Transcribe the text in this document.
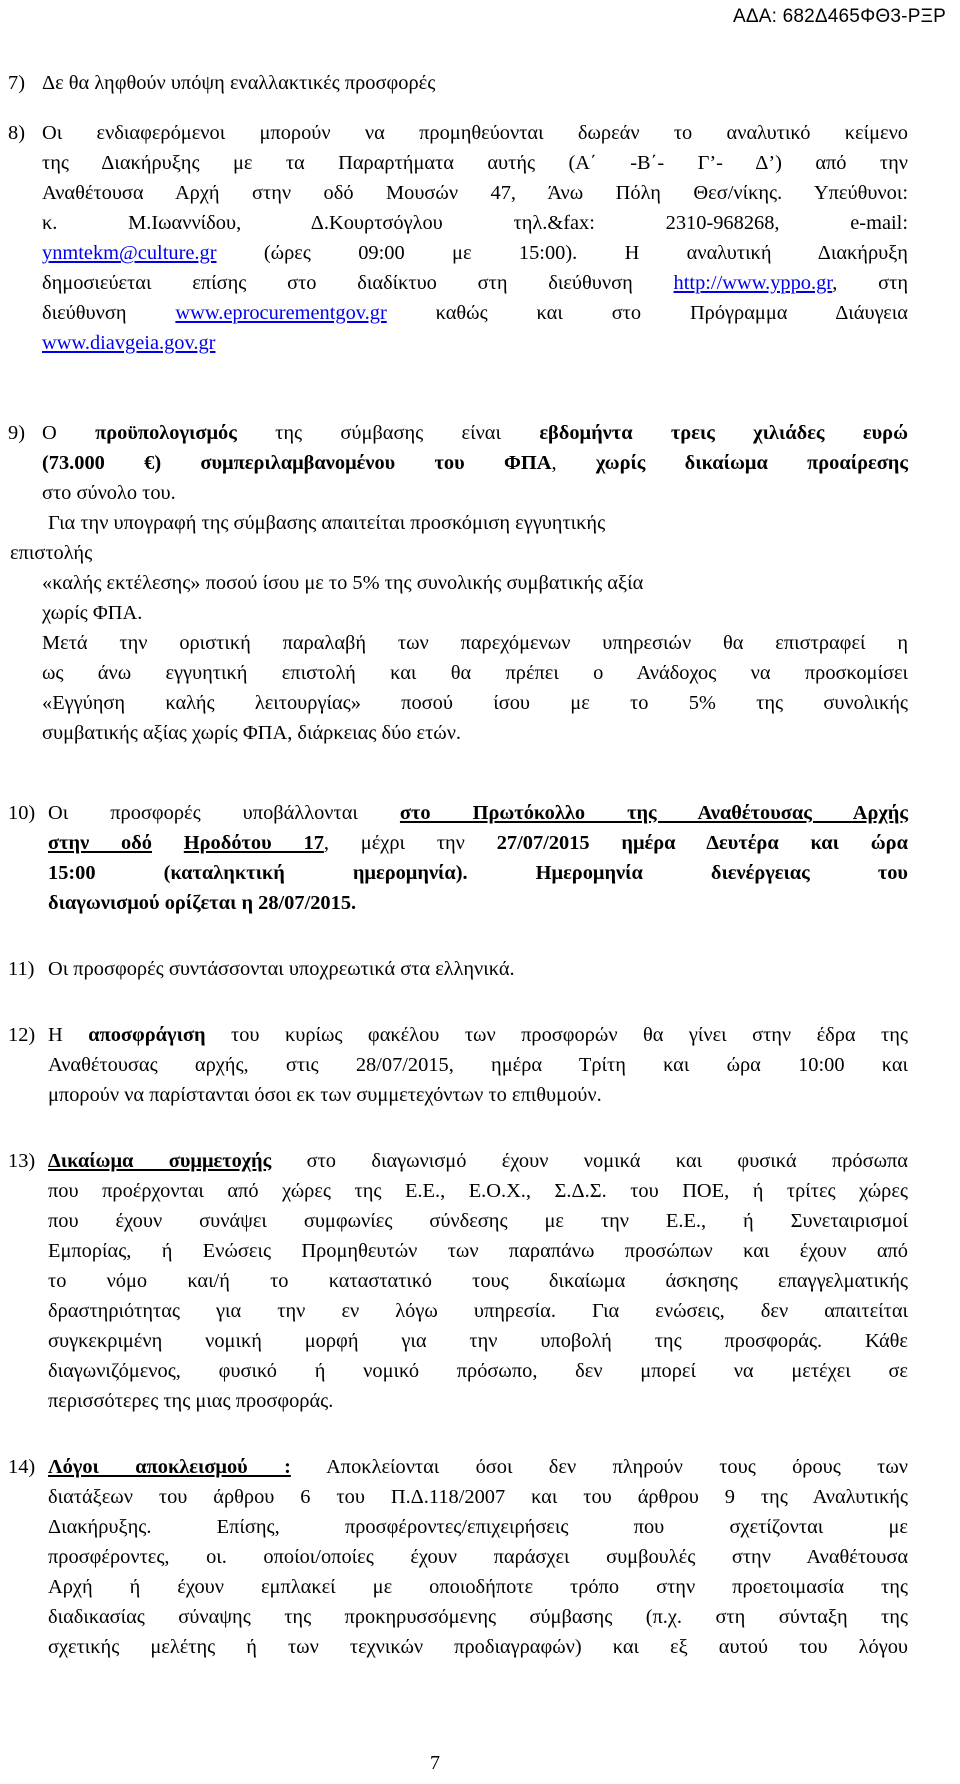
ΑΔΑ: 682Δ465ΦΘ3-ΡΞΡ
7) Δε θα ληφθούν υπόψη εναλλακτικές προσφορές
8) Οι ενδιαφερόμενοι μπορούν να προμηθεύονται δωρεάν το αναλυτικό κείμενο
της Διακήρυξης με τα Παραρτήματα αυτής (Α΄ -Β΄- Γ’- Δ’) από την
Αναθέτουσα Αρχή στην οδό Μουσών 47, Άνω Πόλη Θεσ/νίκης. Υπεύθυνοι:
κ. Μ.Ιωαννίδου, Δ.Κουρτσόγλου τηλ.&fax: 2310-968268, e-mail:
ynmtekm@culture.gr (ώρες 09:00 με 15:00). Η αναλυτική Διακήρυξη
δημοσιεύεται επίσης στο διαδίκτυο στη διεύθυνση http://www.yppo.gr, στη
διεύθυνση www.eprocurementgov.gr καθώς και στο Πρόγραμμα Διάυγεια
www.diavgeia.gov.gr
9) Ο προϋπολογισμός της σύμβασης είναι εβδομήντα τρεις χιλιάδες ευρώ
(73.000 €) συμπεριλαμβανομένου του ΦΠΑ, χωρίς δικαίωμα προαίρεσης
στο σύνολο του.
Για την υπογραφή της σύμβασης απαιτείται προσκόμιση εγγυητικής
επιστολής
«καλής εκτέλεσης» ποσού ίσου με το 5% της συνολικής συμβατικής αξία
χωρίς ΦΠΑ.
Μετά την οριστική παραλαβή των παρεχόμενων υπηρεσιών θα επιστραφεί η
ως άνω εγγυητική επιστολή και θα πρέπει ο Ανάδοχος να προσκομίσει
«Εγγύηση καλής λειτουργίας» ποσού ίσου με το 5% της συνολικής
συμβατικής αξίας χωρίς ΦΠΑ, διάρκειας δύο ετών.
10) Οι προσφορές υποβάλλονται στο Πρωτόκολλο της Αναθέτουσας Αρχής
στην οδό Ηροδότου 17, μέχρι την 27/07/2015 ημέρα Δευτέρα και ώρα
15:00 (καταληκτική ημερομηνία). Ημερομηνία διενέργειας του
διαγωνισμού ορίζεται η 28/07/2015.
11) Οι προσφορές συντάσσονται υποχρεωτικά στα ελληνικά.
12) Η αποσφράγιση του κυρίως φακέλου των προσφορών θα γίνει στην έδρα της
Αναθέτουσας αρχής, στις 28/07/2015, ημέρα Τρίτη και ώρα 10:00 και
μπορούν να παρίστανται όσοι εκ των συμμετεχόντων το επιθυμούν.
13) Δικαίωμα συμμετοχής στο διαγωνισμό έχουν νομικά και φυσικά πρόσωπα
που προέρχονται από χώρες της Ε.Ε., Ε.Ο.Χ., Σ.Δ.Σ. του ΠΟΕ, ή τρίτες χώρες
που έχουν συνάψει συμφωνίες σύνδεσης με την Ε.Ε., ή Συνεταιρισμοί
Εμπορίας, ή Ενώσεις Προμηθευτών των παραπάνω προσώπων και έχουν από
το νόμο και/ή το καταστατικό τους δικαίωμα άσκησης επαγγελματικής
δραστηριότητας για την εν λόγω υπηρεσία. Για ενώσεις, δεν απαιτείται
συγκεκριμένη νομική μορφή για την υποβολή της προσφοράς. Κάθε
διαγωνιζόμενος, φυσικό ή νομικό πρόσωπο, δεν μπορεί να μετέχει σε
περισσότερες της μιας προσφοράς.
14) Λόγοι αποκλεισμού : Αποκλείονται όσοι δεν πληρούν τους όρους των
διατάξεων του άρθρου 6 του Π.Δ.118/2007 και του άρθρου 9 της Αναλυτικής
Διακήρυξης. Επίσης, προσφέροντες/επιχειρήσεις που σχετίζονται με
προσφέροντες, οι. οποίοι/οποίες έχουν παράσχει συμβουλές στην Αναθέτουσα
Αρχή ή έχουν εμπλακεί με οποιοδήποτε τρόπο στην προετοιμασία της
διαδικασίας σύναψης της προκηρυσσόμενης σύμβασης (π.χ. στη σύνταξη της
σχετικής μελέτης ή των τεχνικών προδιαγραφών) και εξ αυτού του λόγου
7
